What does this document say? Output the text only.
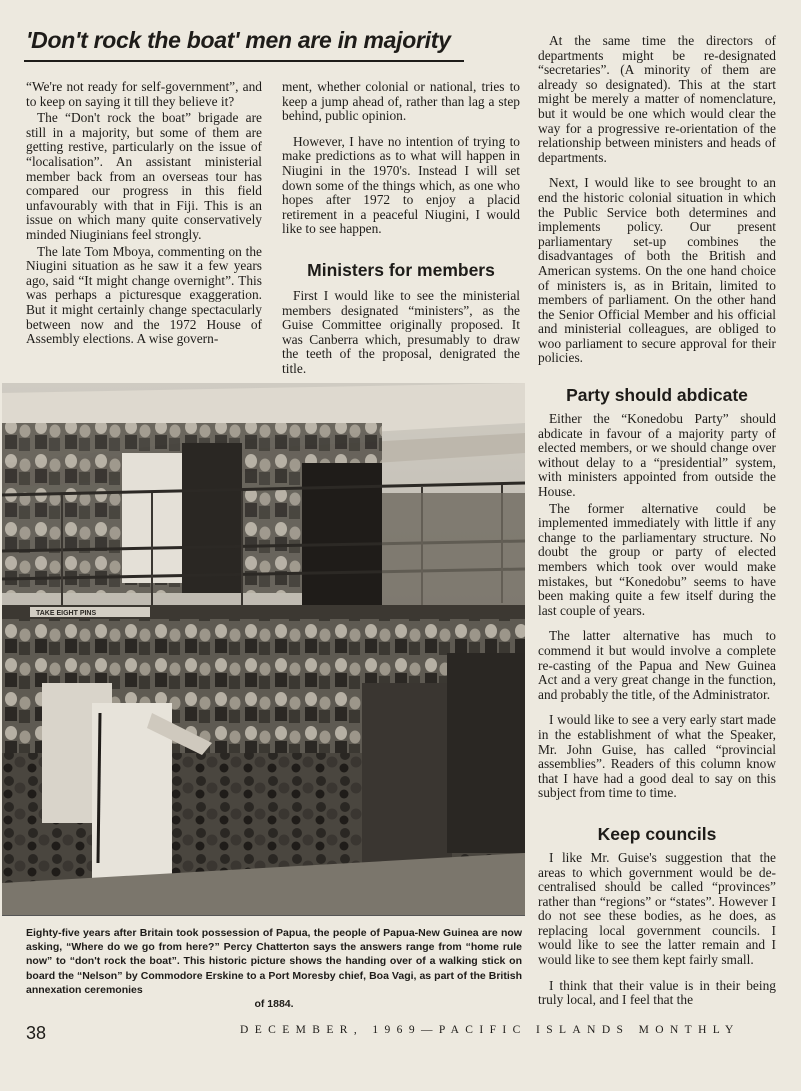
'Don't rock the boat' men are in majority

“We're not ready for self-government”, and to keep on saying it till they believe it?

The “Don't rock the boat” brigade are still in a majority, but some of them are getting restive, particularly on the issue of “localisation”. An assistant ministerial member back from an overseas tour has compared our progress in this field unfavourably with that in Fiji. This is an issue on which many quite conservatively minded Niuginians feel strongly.

The late Tom Mboya, commenting on the Niugini situation as he saw it a few years ago, said “It might change overnight”. This was perhaps a picturesque exaggeration. But it might certainly change spectacularly between now and the 1972 House of Assembly elections. A wise govern-

ment, whether colonial or national, tries to keep a jump ahead of, rather than lag a step behind, public opinion.

However, I have no intention of trying to make predictions as to what will happen in Niugini in the 1970's. Instead I will set down some of the things which, as one who hopes after 1972 to enjoy a placid retirement in a peaceful Niugini, I would like to see happen.

Ministers for members

First I would like to see the ministerial members designated “ministers”, as the Guise Committee originally proposed. It was Canberra which, presumably to draw the teeth of the proposal, denigrated the title.

At the same time the directors of departments might be re-designated “secretaries”. (A minority of them are already so designated). This at the start might be merely a matter of nomenclature, but it would be one which would clear the way for a progressive re-orientation of the relationship between ministers and heads of departments.

Next, I would like to see brought to an end the historic colonial situation in which the Public Service both determines and implements policy. Our present parliamentary set-up combines the disadvantages of both the British and American systems. On the one hand choice of ministers is, as in Britain, limited to members of parliament. On the other hand the Senior Official Member and his official and ministerial colleagues, are obliged to woo parliament to secure approval for their policies.

Party should abdicate

Either the “Konedobu Party” should abdicate in favour of a majority party of elected members, or we should change over without delay to a “presidential” system, with ministers appointed from outside the House.

The former alternative could be implemented immediately with little if any change to the parliamentary structure. No doubt the group or party of elected members which took over would make mistakes, but “Konedobu” seems to have been making quite a few itself during the last couple of years.

The latter alternative has much to commend it but would involve a complete re-casting of the Papua and New Guinea Act and a very great change in the function, and probably the title, of the Administrator.

I would like to see a very early start made in the establishment of what the Speaker, Mr. John Guise, has called “provincial assemblies”. Readers of this column know that I have had a good deal to say on this subject from time to time.

Keep councils

I like Mr. Guise's suggestion that the areas to which government would be de-centralised should be called “provinces” rather than “regions” or “states”. However I do not see these bodies, as he does, as replacing local government councils. I would like to see the latter remain and I would like to see them kept fairly small.

I think that their value is in their being truly local, and I feel that the

TAKE EIGHT PINS

Eighty-five years after Britain took possession of Papua, the people of Papua-New Guinea are now asking, “Where do we go from here?” Percy Chatterton says the answers range from “home rule now” to “don't rock the boat”. This historic picture shows the handing over of a walking stick on board the “Nelson” by Commodore Erskine to a Port Moresby chief, Boa Vagi, as part of the British annexation ceremonies
of 1884.

38	DECEMBER, 1969—PACIFIC ISLANDS MONTHLY
